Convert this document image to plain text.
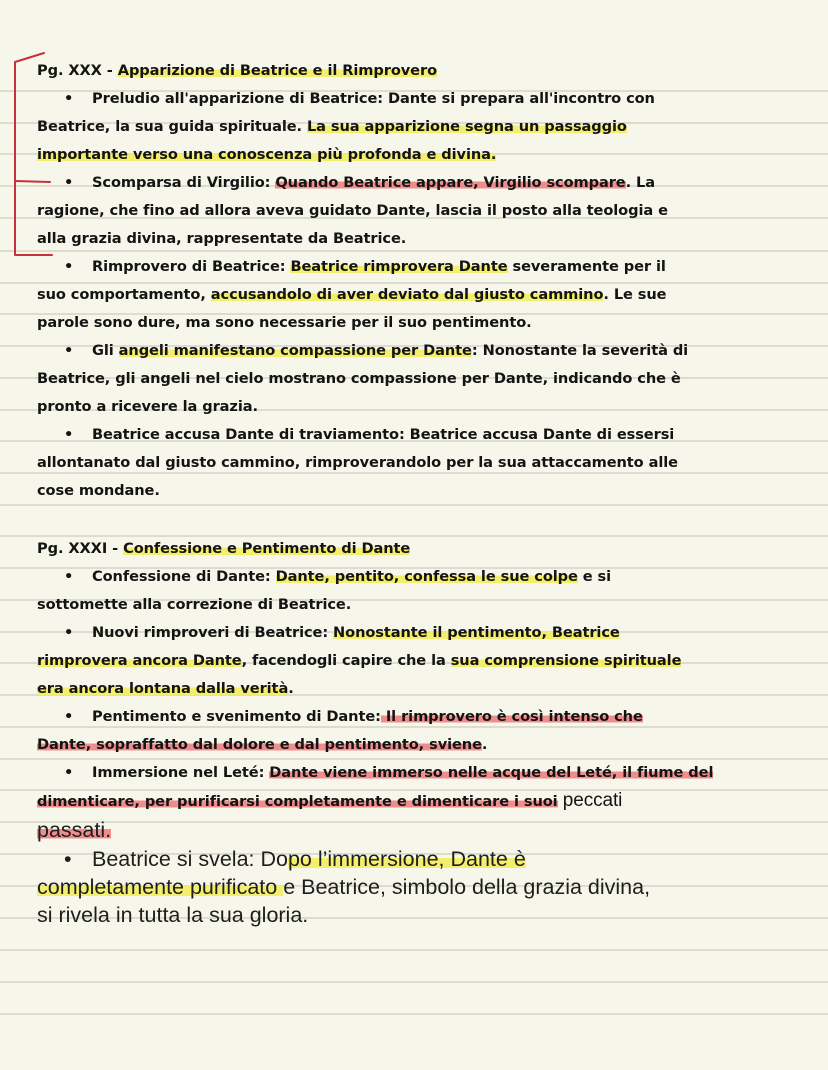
Pg. XXX - Apparizione di Beatrice e il Rimprovero
• Preludio all'apparizione di Beatrice: Dante si prepara all'incontro con
Beatrice, la sua guida spirituale. La sua apparizione segna un passaggio
importante verso una conoscenza più profonda e divina.
• Scomparsa di Virgilio: Quando Beatrice appare, Virgilio scompare. La
ragione, che fino ad allora aveva guidato Dante, lascia il posto alla teologia e
alla grazia divina, rappresentate da Beatrice.
• Rimprovero di Beatrice: Beatrice rimprovera Dante severamente per il
suo comportamento, accusandolo di aver deviato dal giusto cammino. Le sue
parole sono dure, ma sono necessarie per il suo pentimento.
• Gli angeli manifestano compassione per Dante: Nonostante la severità di
Beatrice, gli angeli nel cielo mostrano compassione per Dante, indicando che è
pronto a ricevere la grazia.
• Beatrice accusa Dante di traviamento: Beatrice accusa Dante di essersi
allontanato dal giusto cammino, rimproverandolo per la sua attaccamento alle
cose mondane.
Pg. XXXI - Confessione e Pentimento di Dante
• Confessione di Dante: Dante, pentito, confessa le sue colpe e si
sottomette alla correzione di Beatrice.
• Nuovi rimproveri di Beatrice: Nonostante il pentimento, Beatrice
rimprovera ancora Dante, facendogli capire che la sua comprensione spirituale
era ancora lontana dalla verità.
• Pentimento e svenimento di Dante: Il rimprovero è così intenso che
Dante, sopraffatto dal dolore e dal pentimento, sviene.
• Immersione nel Leté: Dante viene immerso nelle acque del Leté, il fiume del
dimenticare, per purificarsi completamente e dimenticare i suoi peccati
passati.
• Beatrice si svela: Dopo l’immersione, Dante è
completamente purificato e Beatrice, simbolo della grazia divina,
si rivela in tutta la sua gloria.
